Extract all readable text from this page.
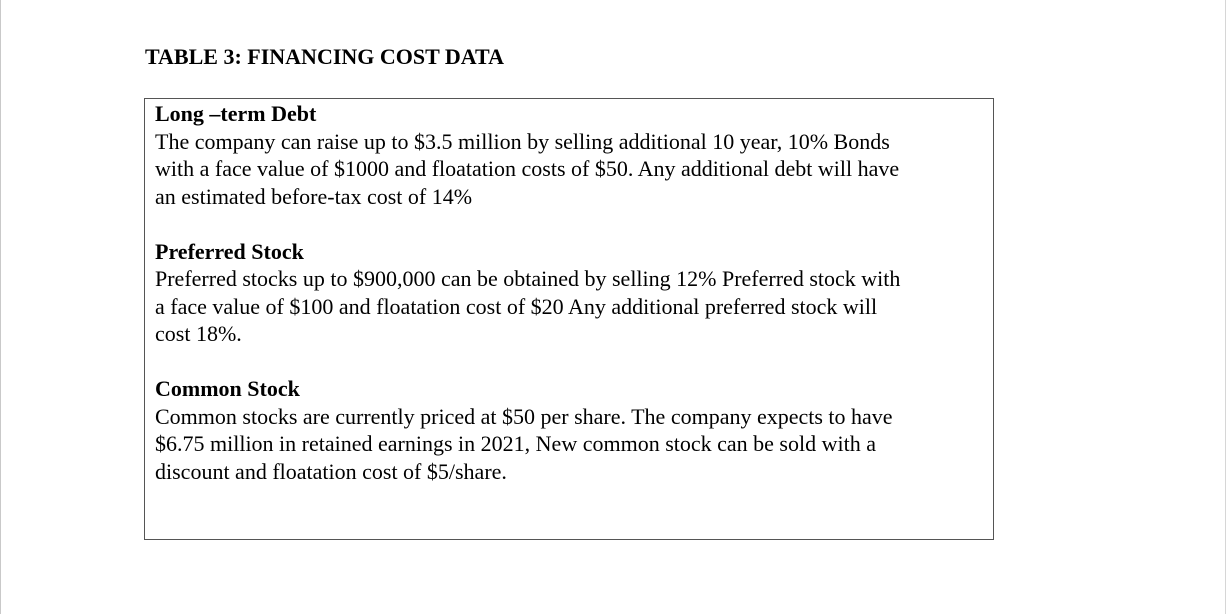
TABLE 3: FINANCING COST DATA
Long –term Debt
The company can raise up to $3.5 million by selling additional 10 year, 10% Bonds
with a face value of $1000 and floatation costs of $50. Any additional debt will have
an estimated before-tax cost of 14%
Preferred Stock
Preferred stocks up to $900,000 can be obtained by selling 12% Preferred stock with
a face value of $100 and floatation cost of $20 Any additional preferred stock will
cost 18%.
Common Stock
Common stocks are currently priced at $50 per share. The company expects to have
$6.75 million in retained earnings in 2021, New common stock can be sold with a
discount and floatation cost of $5/share.
